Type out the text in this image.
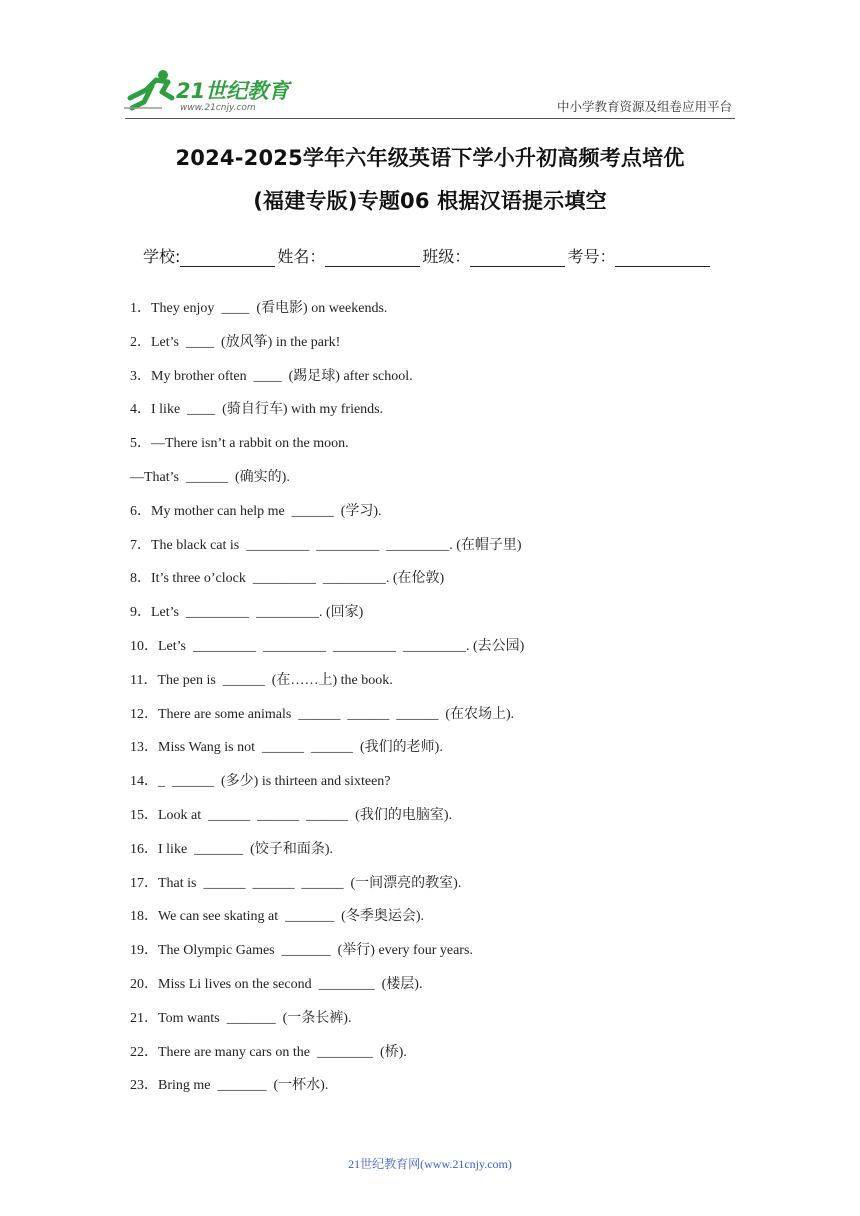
21世纪教育
www.21cnjy.com	中小学教育资源及组卷应用平台
2024-2025学年六年级英语下学小升初高频考点培优
(福建专版)专题06 根据汉语提示填空
学校:	姓名：	班级：	考号：
1．They enjoy  ____  (看电影) on weekends.
2．Let’s  ____  (放风筝) in the park!
3．My brother often  ____  (踢足球) after school.
4．I like  ____  (骑自行车) with my friends.
5．—There isn’t a rabbit on the moon.
—That’s  ______  (确实的).
6．My mother can help me  ______  (学习).
7．The black cat is  _________  _________  _________. (在帽子里)
8．It’s three o’clock  _________  _________. (在伦敦)
9．Let’s  _________  _________. (回家)
10．Let’s  _________  _________  _________  _________. (去公园)
11．The pen is  ______  (在……上) the book.
12．There are some animals  ______  ______  ______  (在农场上).
13．Miss Wang is not  ______  ______  (我们的老师).
14．_  ______  (多少) is thirteen and sixteen?
15．Look at  ______  ______  ______  (我们的电脑室).
16．I like  _______  (饺子和面条).
17．That is  ______  ______  ______  (一间漂亮的教室).
18．We can see skating at  _______  (冬季奥运会).
19．The Olympic Games  _______  (举行) every four years.
20．Miss Li lives on the second  ________  (楼层).
21．Tom wants  _______  (一条长裤).
22．There are many cars on the  ________  (桥).
23．Bring me  _______  (一杯水).
21世纪教育网(www.21cnjy.com)
